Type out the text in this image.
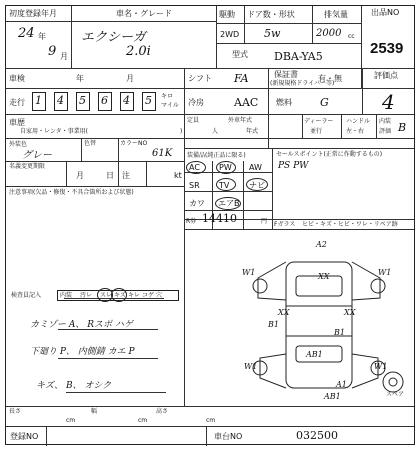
初度登録年月
24 年
9 月
車名・グレード
エクシーガ
2.0i
駆動 ドア数・形状	排気量
2WD 5w	2000 cc
型式 DBA-YA5
出品NO
2539
車検	年	月	シフト FA	保証書
(新規規格ドライバー等)
有・無	評価点
4
走行 1 4 5 6 4 5 キロ
マイル 冷房	AAC 燃料	G
車歴
自家用・レンタ・事業用(	)
定員
人
外車年式
年式
ディーラー
並行
ハンドル
左・右
内装
評価 B
外装色
グレー
色替	カラーNO
61K 装備品(純正品に限る)
AC PW AW
SR TV ナビ
カワ エアB
R券 14410	円
セールスポイント(正常に作動するもの)
PS PW
名義変更期限
月	日 注	kt
注意事項(欠品・修復・不具合箇所および状態)
Fガラス ヒビ・キズ・ヒビ・ワレ・リペア跡
検査員記入	内装 汚レ スレ キズ キレ コゲ 穴
カミゾー A、 Rスポ ハゲ
下廻り P、 内側錆 カエ P
キズ、 B、 オシク
A2
W1	W1
W1	W1
B1
B1
AB1
AB1
XX	XX
XX
A1
スペア
長さ
cm
幅
cm
高さ
cm
登録NO	車台NO	032500
